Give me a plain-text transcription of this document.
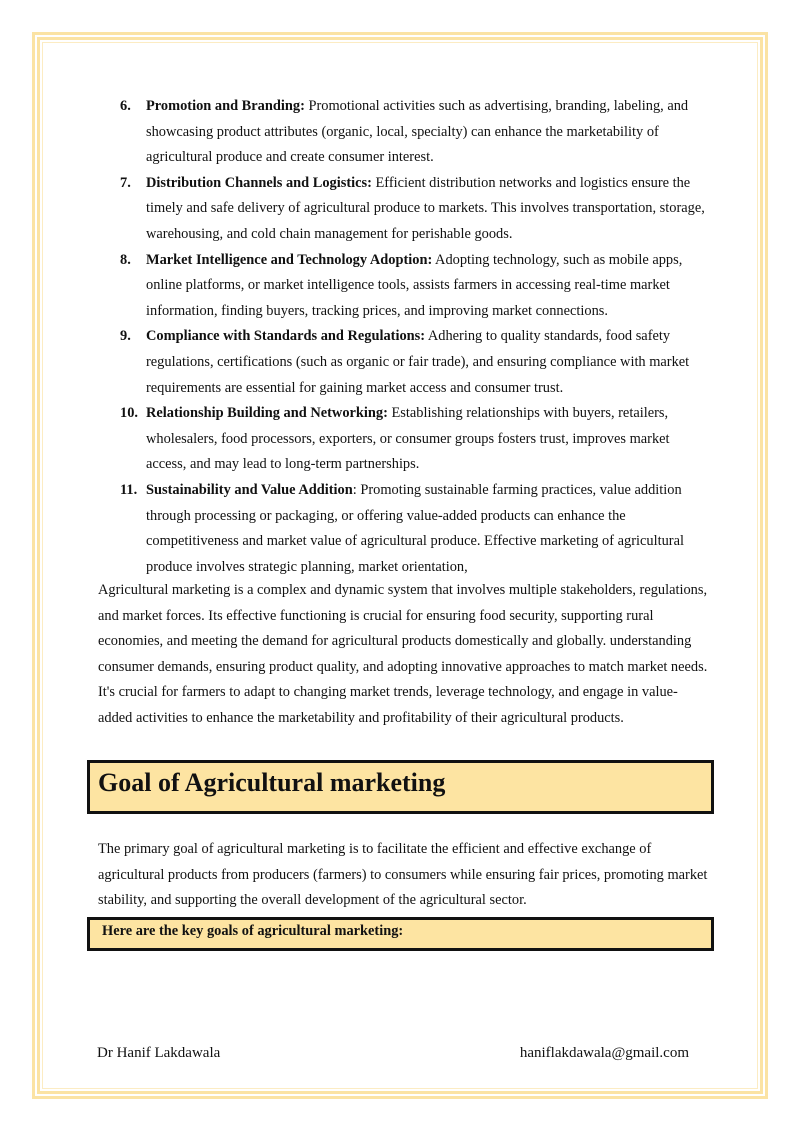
6. Promotion and Branding: Promotional activities such as advertising, branding, labeling, and showcasing product attributes (organic, local, specialty) can enhance the marketability of agricultural produce and create consumer interest.
7. Distribution Channels and Logistics: Efficient distribution networks and logistics ensure the timely and safe delivery of agricultural produce to markets. This involves transportation, storage, warehousing, and cold chain management for perishable goods.
8. Market Intelligence and Technology Adoption: Adopting technology, such as mobile apps, online platforms, or market intelligence tools, assists farmers in accessing real-time market information, finding buyers, tracking prices, and improving market connections.
9. Compliance with Standards and Regulations: Adhering to quality standards, food safety regulations, certifications (such as organic or fair trade), and ensuring compliance with market requirements are essential for gaining market access and consumer trust.
10. Relationship Building and Networking: Establishing relationships with buyers, retailers, wholesalers, food processors, exporters, or consumer groups fosters trust, improves market access, and may lead to long-term partnerships.
11. Sustainability and Value Addition: Promoting sustainable farming practices, value addition through processing or packaging, or offering value-added products can enhance the competitiveness and market value of agricultural produce. Effective marketing of agricultural produce involves strategic planning, market orientation,

Agricultural marketing is a complex and dynamic system that involves multiple stakeholders, regulations, and market forces. Its effective functioning is crucial for ensuring food security, supporting rural economies, and meeting the demand for agricultural products domestically and globally. understanding consumer demands, ensuring product quality, and adopting innovative approaches to match market needs. It's crucial for farmers to adapt to changing market trends, leverage technology, and engage in value-added activities to enhance the marketability and profitability of their agricultural products.

Goal of Agricultural marketing

The primary goal of agricultural marketing is to facilitate the efficient and effective exchange of agricultural products from producers (farmers) to consumers while ensuring fair prices, promoting market stability, and supporting the overall development of the agricultural sector.

Here are the key goals of agricultural marketing:
Dr Hanif Lakdawala	haniflakdawala@gmail.com
